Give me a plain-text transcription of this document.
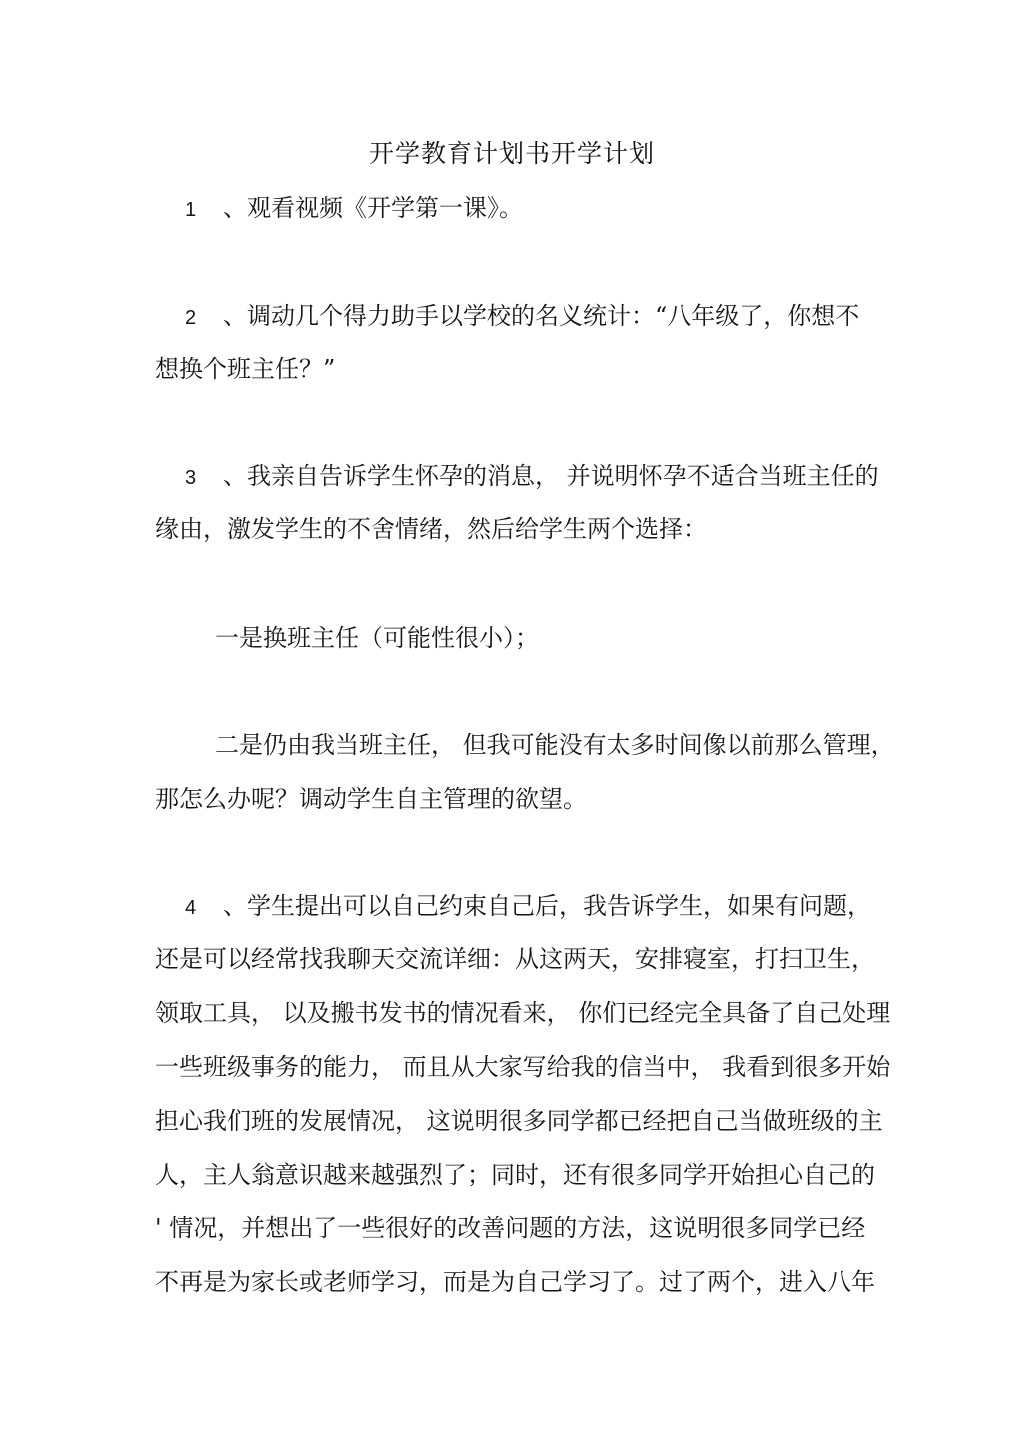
开学教育计划书开学计划
1 、观看视频《开学第一课》。
2 、调动几个得力助手以学校的名义统计：“八年级了，你想不
想换个班主任？”
3 、我亲自告诉学生怀孕的消息， 并说明怀孕不适合当班主任的
缘由，激发学生的不舍情绪，然后给学生两个选择：
一是换班主任（可能性很小）；
二是仍由我当班主任， 但我可能没有太多时间像以前那么管理，
那怎么办呢？调动学生自主管理的欲望。
4 、学生提出可以自己约束自己后，我告诉学生，如果有问题，
还是可以经常找我聊天交流详细：从这两天，安排寝室，打扫卫生，
领取工具， 以及搬书发书的情况看来， 你们已经完全具备了自己处理
一些班级事务的能力， 而且从大家写给我的信当中， 我看到很多开始
担心我们班的发展情况， 这说明很多同学都已经把自己当做班级的主
人，主人翁意识越来越强烈了；同时，还有很多同学开始担心自己的
' 情况，并想出了一些很好的改善问题的方法，这说明很多同学已经
不再是为家长或老师学习，而是为自己学习了。过了两个，进入八年
